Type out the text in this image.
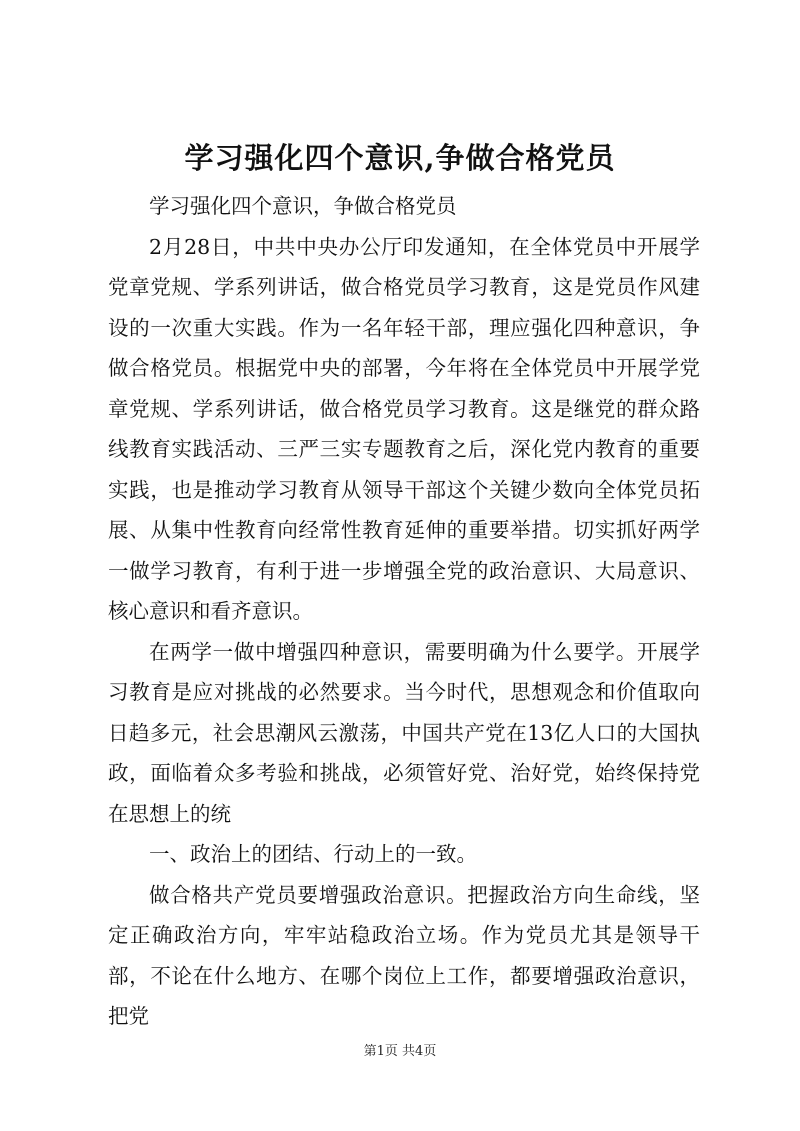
学习强化四个意识,争做合格党员

学习强化四个意识，争做合格党员

2月28日，中共中央办公厅印发通知，在全体党员中开展学党章党规、学系列讲话，做合格党员学习教育，这是党员作风建设的一次重大实践。作为一名年轻干部，理应强化四种意识，争做合格党员。根据党中央的部署，今年将在全体党员中开展学党章党规、学系列讲话，做合格党员学习教育。这是继党的群众路线教育实践活动、三严三实专题教育之后，深化党内教育的重要实践，也是推动学习教育从领导干部这个关键少数向全体党员拓展、从集中性教育向经常性教育延伸的重要举措。切实抓好两学一做学习教育，有利于进一步增强全党的政治意识、大局意识、核心意识和看齐意识。

在两学一做中增强四种意识，需要明确为什么要学。开展学习教育是应对挑战的必然要求。当今时代，思想观念和价值取向日趋多元，社会思潮风云激荡，中国共产党在13亿人口的大国执政，面临着众多考验和挑战，必须管好党、治好党，始终保持党在思想上的统

一、政治上的团结、行动上的一致。

做合格共产党员要增强政治意识。把握政治方向生命线，坚定正确政治方向，牢牢站稳政治立场。作为党员尤其是领导干部，不论在什么地方、在哪个岗位上工作，都要增强政治意识，把党

第1页 共4页
